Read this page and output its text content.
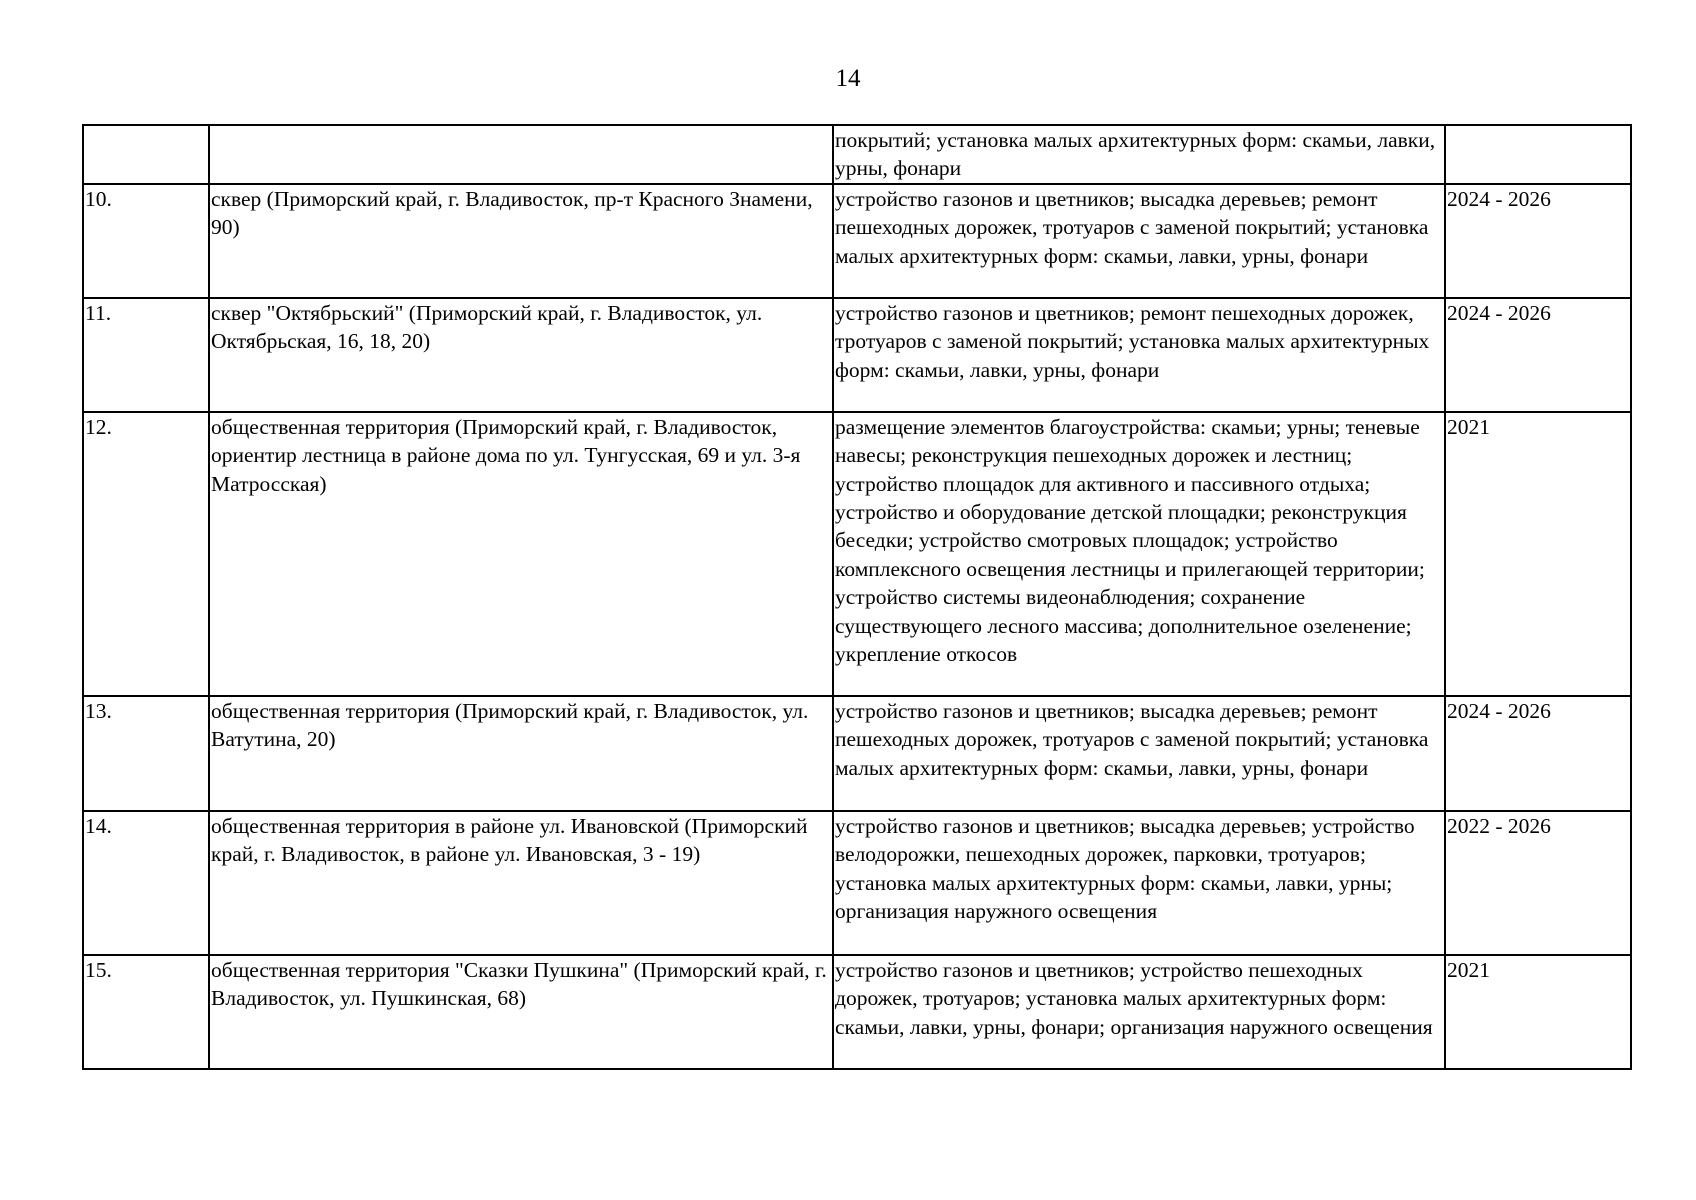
14
		покрытий; установка малых архитектурных форм: скамьи, лавки, урны, фонари	
10.	сквер (Приморский край, г. Владивосток, пр-т Красного Знамени, 90)	устройство газонов и цветников; высадка деревьев; ремонт пешеходных дорожек, тротуаров с заменой покрытий; установка малых архитектурных форм: скамьи, лавки, урны, фонари	2024 - 2026
11.	сквер "Октябрьский" (Приморский край, г. Владивосток, ул. Октябрьская, 16, 18, 20)	устройство газонов и цветников; ремонт пешеходных дорожек, тротуаров с заменой покрытий; установка малых архитектурных форм: скамьи, лавки, урны, фонари	2024 - 2026
12.	общественная территория (Приморский край, г. Владивосток, ориентир лестница в районе дома по ул. Тунгусская, 69 и ул. 3-я Матросская)	размещение элементов благоустройства: скамьи; урны; теневые навесы; реконструкция пешеходных дорожек и лестниц; устройство площадок для активного и пассивного отдыха; устройство и оборудование детской площадки; реконструкция беседки; устройство смотровых площадок; устройство комплексного освещения лестницы и прилегающей территории; устройство системы видеонаблюдения; сохранение существующего лесного массива; дополнительное озеленение; укрепление откосов	2021
13.	общественная территория (Приморский край, г. Владивосток, ул. Ватутина, 20)	устройство газонов и цветников; высадка деревьев; ремонт пешеходных дорожек, тротуаров с заменой покрытий; установка малых архитектурных форм: скамьи, лавки, урны, фонари	2024 - 2026
14.	общественная территория в районе ул. Ивановской (Приморский край, г. Владивосток, в районе ул. Ивановская, 3 - 19)	устройство газонов и цветников; высадка деревьев; устройство велодорожки, пешеходных дорожек, парковки, тротуаров; установка малых архитектурных форм: скамьи, лавки, урны; организация наружного освещения	2022 - 2026
15.	общественная территория "Сказки Пушкина" (Приморский край, г. Владивосток, ул. Пушкинская, 68)	устройство газонов и цветников; устройство пешеходных дорожек, тротуаров; установка малых архитектурных форм: скамьи, лавки, урны, фонари; организация наружного освещения	2021
